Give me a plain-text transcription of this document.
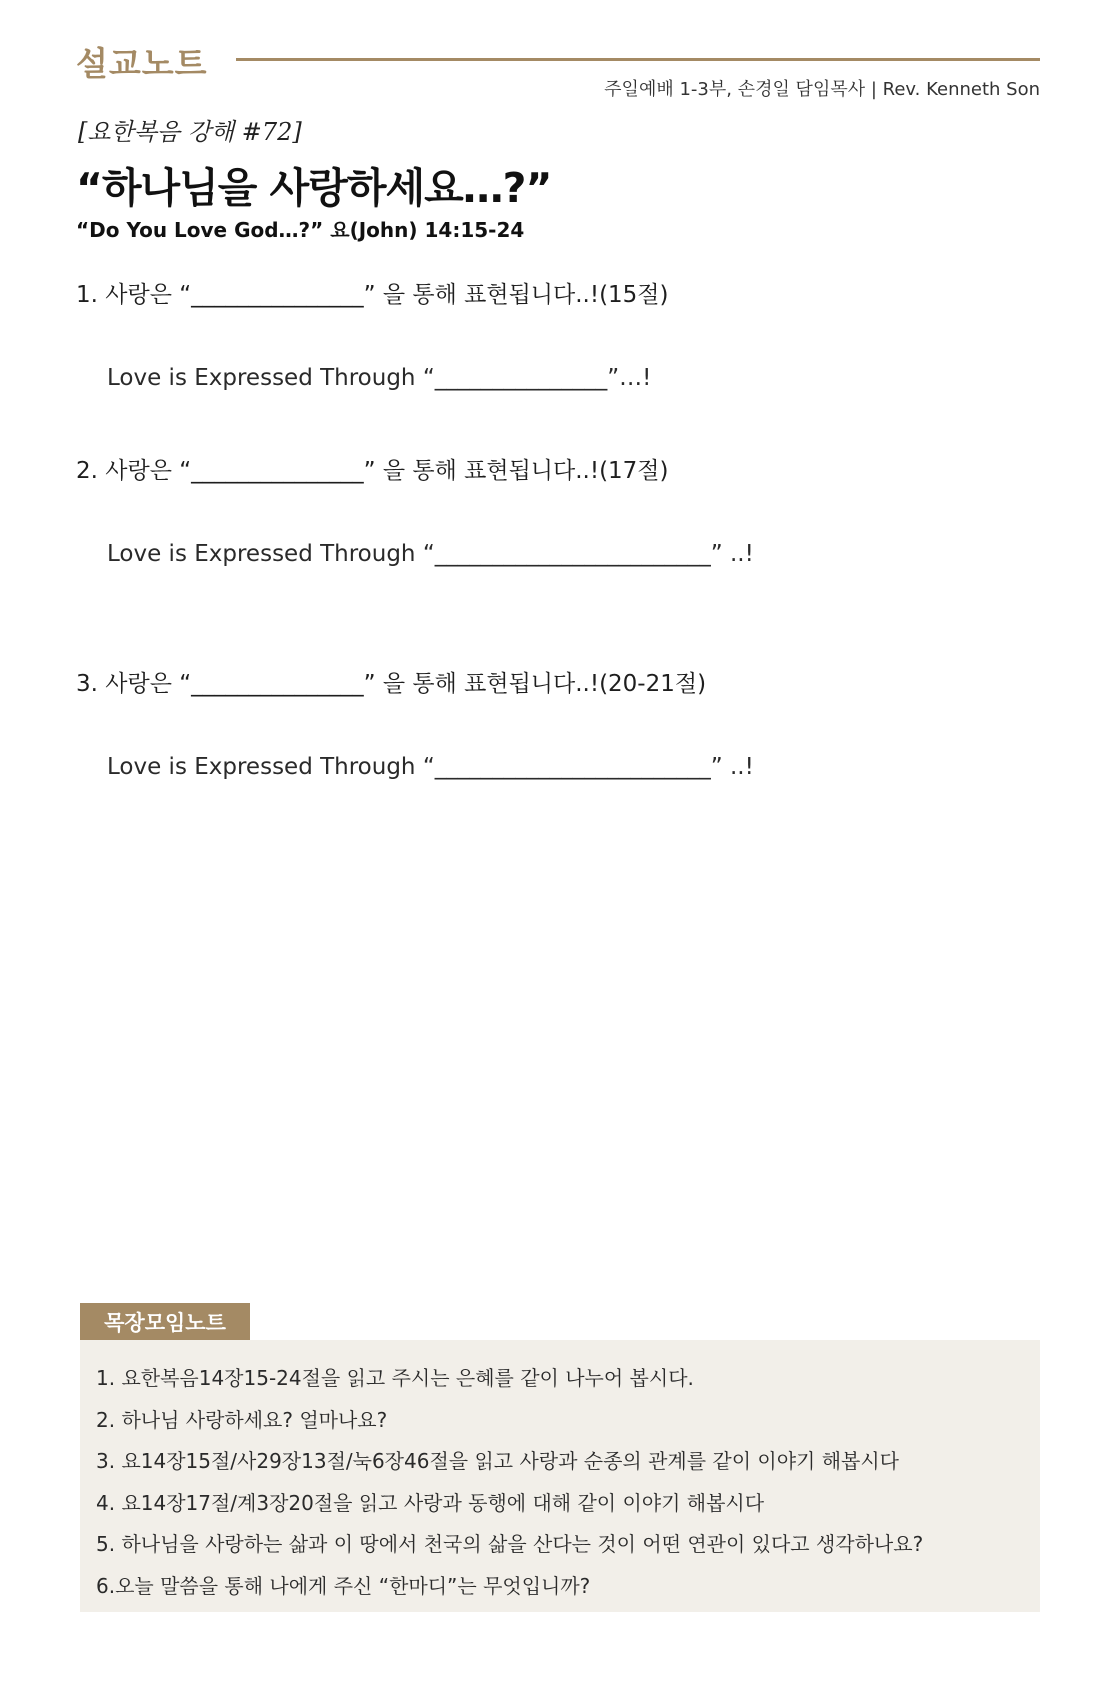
설교노트
주일예배 1-3부, 손경일 담임목사 | Rev. Kenneth Son
[요한복음 강해 #72]
“하나님을 사랑하세요…?”
“Do You Love God…?” 요(John) 14:15-24
1. 사랑은 “_______________” 을 통해 표현됩니다..!(15절)
Love is Expressed Through “_______________”…!
2. 사랑은 “_______________” 을 통해 표현됩니다..!(17절)
Love is Expressed Through “________________________” ..!
3. 사랑은 “_______________” 을 통해 표현됩니다..!(20-21절)
Love is Expressed Through “________________________” ..!
목장모임노트
1. 요한복음14장15-24절을 읽고 주시는 은혜를 같이 나누어 봅시다.
2. 하나님 사랑하세요? 얼마나요?
3. 요14장15절/사29장13절/눅6장46절을 읽고 사랑과 순종의 관계를 같이 이야기 해봅시다
4. 요14장17절/계3장20절을 읽고 사랑과 동행에 대해 같이 이야기 해봅시다
5. 하나님을 사랑하는 삶과 이 땅에서 천국의 삶을 산다는 것이 어떤 연관이 있다고 생각하나요?
6.오늘 말씀을 통해 나에게 주신 “한마디”는 무엇입니까?
